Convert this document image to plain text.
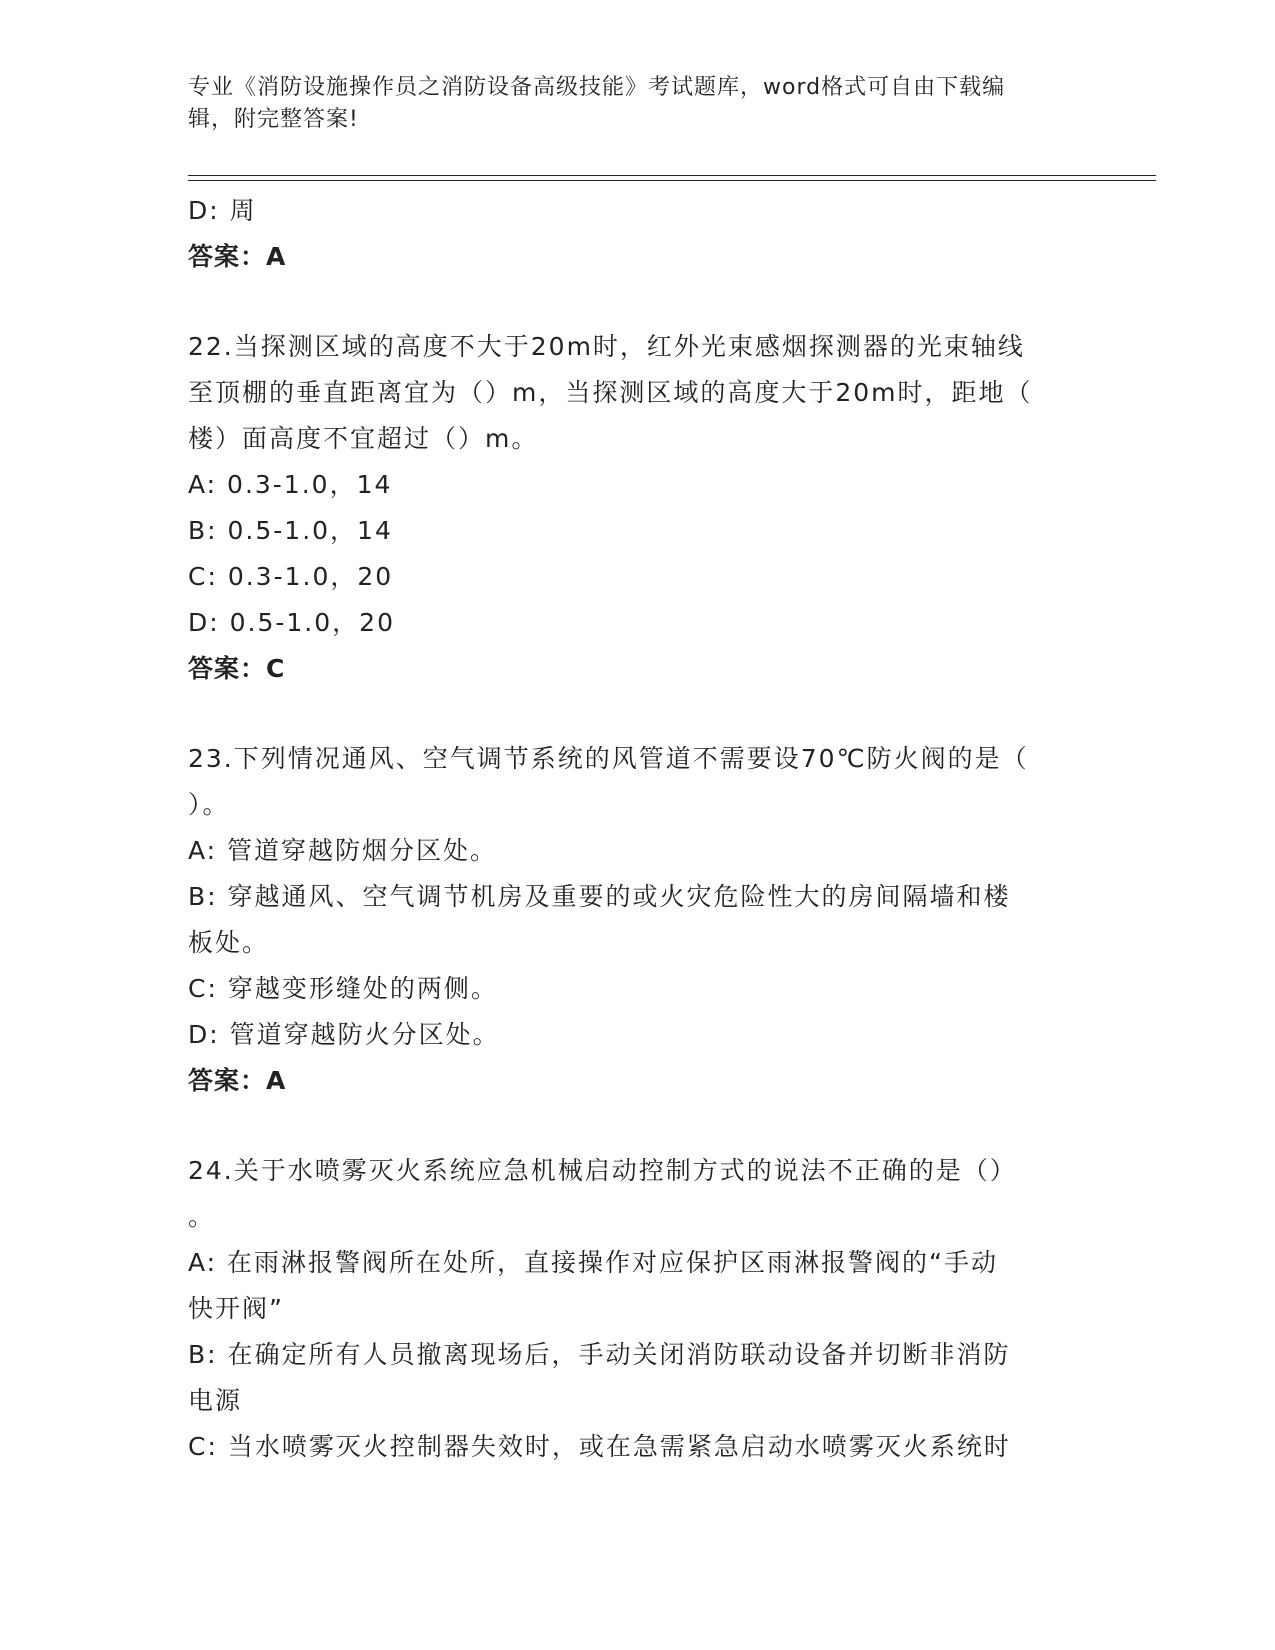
专业《消防设施操作员之消防设备高级技能》考试题库，word格式可自由下载编
辑，附完整答案!
D: 周
答案：A
22.当探测区域的高度不大于20m时，红外光束感烟探测器的光束轴线
至顶棚的垂直距离宜为（）m，当探测区域的高度大于20m时，距地（
楼）面高度不宜超过（）m。
A: 0.3-1.0，14
B: 0.5-1.0，14
C: 0.3-1.0，20
D: 0.5-1.0，20
答案：C
23.下列情况通风、空气调节系统的风管道不需要设70℃防火阀的是（
）。
A: 管道穿越防烟分区处。
B: 穿越通风、空气调节机房及重要的或火灾危险性大的房间隔墙和楼
板处。
C: 穿越变形缝处的两侧。
D: 管道穿越防火分区处。
答案：A
24.关于水喷雾灭火系统应急机械启动控制方式的说法不正确的是（）
。
A: 在雨淋报警阀所在处所，直接操作对应保护区雨淋报警阀的“手动
快开阀”
B: 在确定所有人员撤离现场后，手动关闭消防联动设备并切断非消防
电源
C: 当水喷雾灭火控制器失效时，或在急需紧急启动水喷雾灭火系统时
